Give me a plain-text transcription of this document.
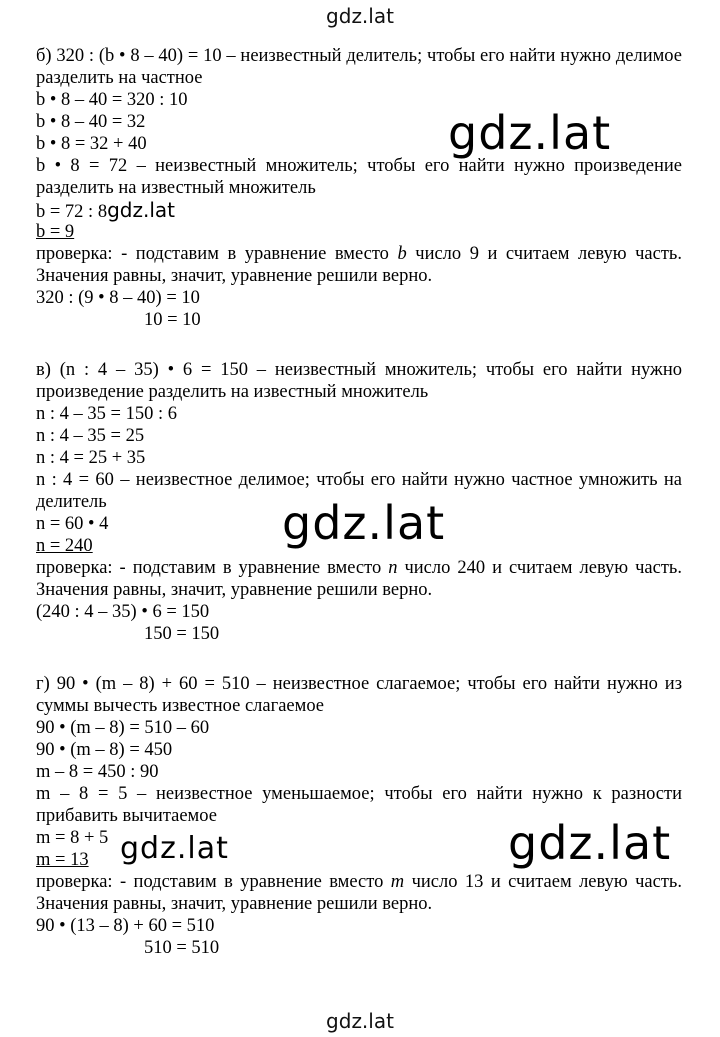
gdz.lat
б) 320 : (b • 8 – 40) = 10 – неизвестный делитель; чтобы его найти нужно делимое разделить на частное
b • 8 – 40 = 320 : 10
b • 8 – 40 = 32
b • 8 = 32 + 40
b • 8 = 72 – неизвестный множитель; чтобы его найти нужно произведение разделить на известный множитель
b = 72 : 8gdz.lat
b = 9
проверка: - подставим в уравнение вместо b число 9 и считаем левую часть. Значения равны, значит, уравнение решили верно.
320 : (9 • 8 – 40) = 10
10 = 10
в) (n : 4 – 35) • 6 = 150 – неизвестный множитель; чтобы его найти нужно произведение разделить на известный множитель
n : 4 – 35 = 150 : 6
n : 4 – 35 = 25
n : 4 = 25 + 35
n : 4 = 60 – неизвестное делимое; чтобы его найти нужно частное умножить на делитель
n = 60 • 4
n = 240
проверка: - подставим в уравнение вместо n число 240 и считаем левую часть. Значения равны, значит, уравнение решили верно.
(240 : 4 – 35) • 6 = 150
150 = 150
г) 90 • (m – 8) + 60 = 510 – неизвестное слагаемое; чтобы его найти нужно из суммы вычесть известное слагаемое
90 • (m – 8) = 510 – 60
90 • (m – 8) = 450
m – 8 = 450 : 90
m – 8 = 5 – неизвестное уменьшаемое; чтобы его найти нужно к разности прибавить вычитаемое
m = 8 + 5
m = 13
проверка: - подставим в уравнение вместо m число 13 и считаем левую часть. Значения равны, значит, уравнение решили верно.
90 • (13 – 8) + 60 = 510
510 = 510
gdz.lat
gdz.lat
gdz.lat
gdz.lat
gdz.lat
